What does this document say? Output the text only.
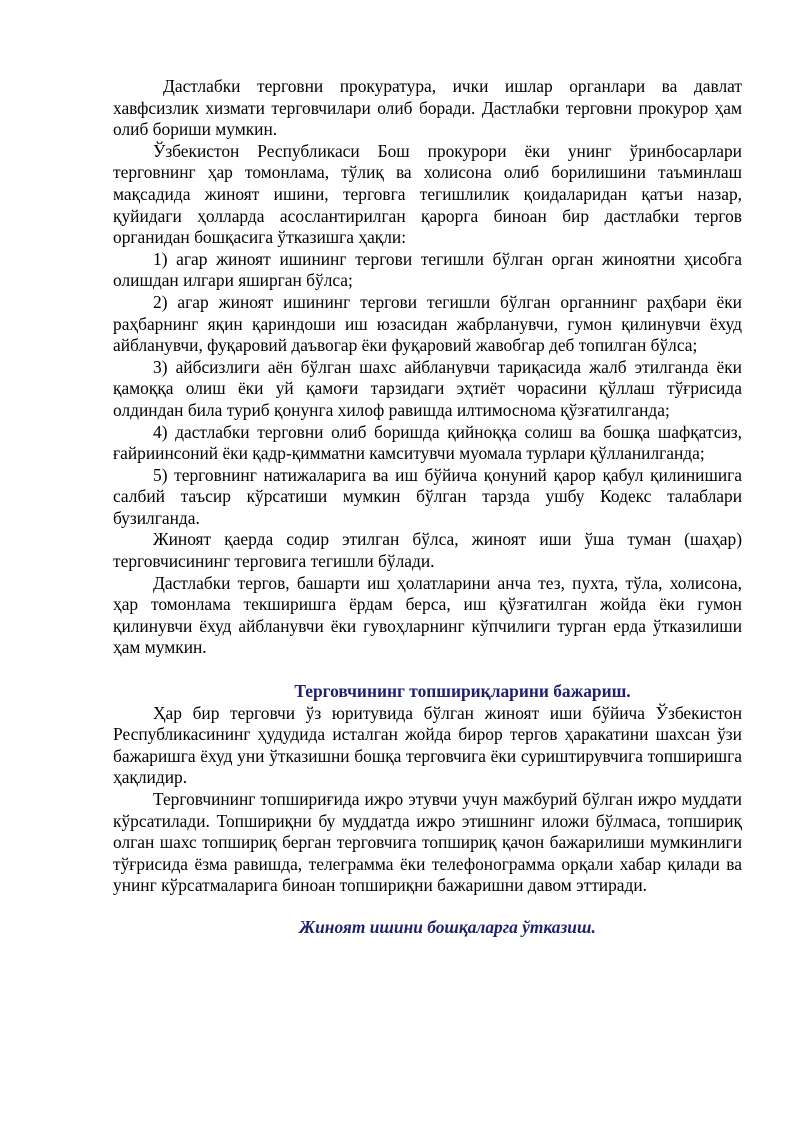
Дастлабки терговни прокуратура, ички ишлар органлари ва давлат хавфсизлик хизмати терговчилари олиб боради. Дастлабки терговни прокурор ҳам олиб бориши мумкин.

Ўзбекистон Республикаси Бош прокурори ёки унинг ўринбосарлари терговнинг ҳар томонлама, тўлиқ ва холисона олиб борилишини таъминлаш мақсадида жиноят ишини, терговга тегишлилик қоидаларидан қатъи назар, қуйидаги ҳолларда асослантирилган қарорга биноан бир дастлабки тергов органидан бошқасига ўтказишга ҳақли:

1) агар жиноят ишининг тергови тегишли бўлган орган жиноятни ҳисобга олишдан илгари яширган бўлса;

2) агар жиноят ишининг тергови тегишли бўлган органнинг раҳбари ёки раҳбарнинг яқин қариндоши иш юзасидан жабрланувчи, гумон қилинувчи ёхуд айбланувчи, фуқаровий даъвогар ёки фуқаровий жавобгар деб топилган бўлса;

3) айбсизлиги аён бўлган шахс айбланувчи тариқасида жалб этилганда ёки қамоққа олиш ёки уй қамоғи тарзидаги эҳтиёт чорасини қўллаш тўғрисида олдиндан била туриб қонунга хилоф равишда илтимоснома қўзғатилганда;

4) дастлабки терговни олиб боришда қийноққа солиш ва бошқа шафқатсиз, ғайриинсоний ёки қадр-қимматни камситувчи муомала турлари қўлланилганда;

5) терговнинг натижаларига ва иш бўйича қонуний қарор қабул қилинишига салбий таъсир кўрсатиши мумкин бўлган тарзда ушбу Кодекс талаблари бузилганда.

Жиноят қаерда содир этилган бўлса, жиноят иши ўша туман (шаҳар) терговчисининг терговига тегишли бўлади.

Дастлабки тергов, башарти иш ҳолатларини анча тез, пухта, тўла, холисона, ҳар томонлама текширишга ёрдам берса, иш қўзғатилган жойда ёки гумон қилинувчи ёхуд айбланувчи ёки гувоҳларнинг кўпчилиги турган ерда ўтказилиши ҳам мумкин.

Терговчининг топшириқларини бажариш.

Ҳар бир терговчи ўз юритувида бўлган жиноят иши бўйича Ўзбекистон Республикасининг ҳудудида исталган жойда бирор тергов ҳаракатини шахсан ўзи бажаришга ёхуд уни ўтказишни бошқа терговчига ёки суриштирувчига топширишга ҳақлидир.

Терговчининг топшириғида ижро этувчи учун мажбурий бўлган ижро муддати кўрсатилади. Топшириқни бу муддатда ижро этишнинг иложи бўлмаса, топшириқ олган шахс топшириқ берган терговчига топшириқ қачон бажарилиши мумкинлиги тўғрисида ёзма равишда, телеграмма ёки телефонограмма орқали хабар қилади ва унинг кўрсатмаларига биноан топшириқни бажаришни давом эттиради.

Жиноят ишини бошқаларга ўтказиш.
